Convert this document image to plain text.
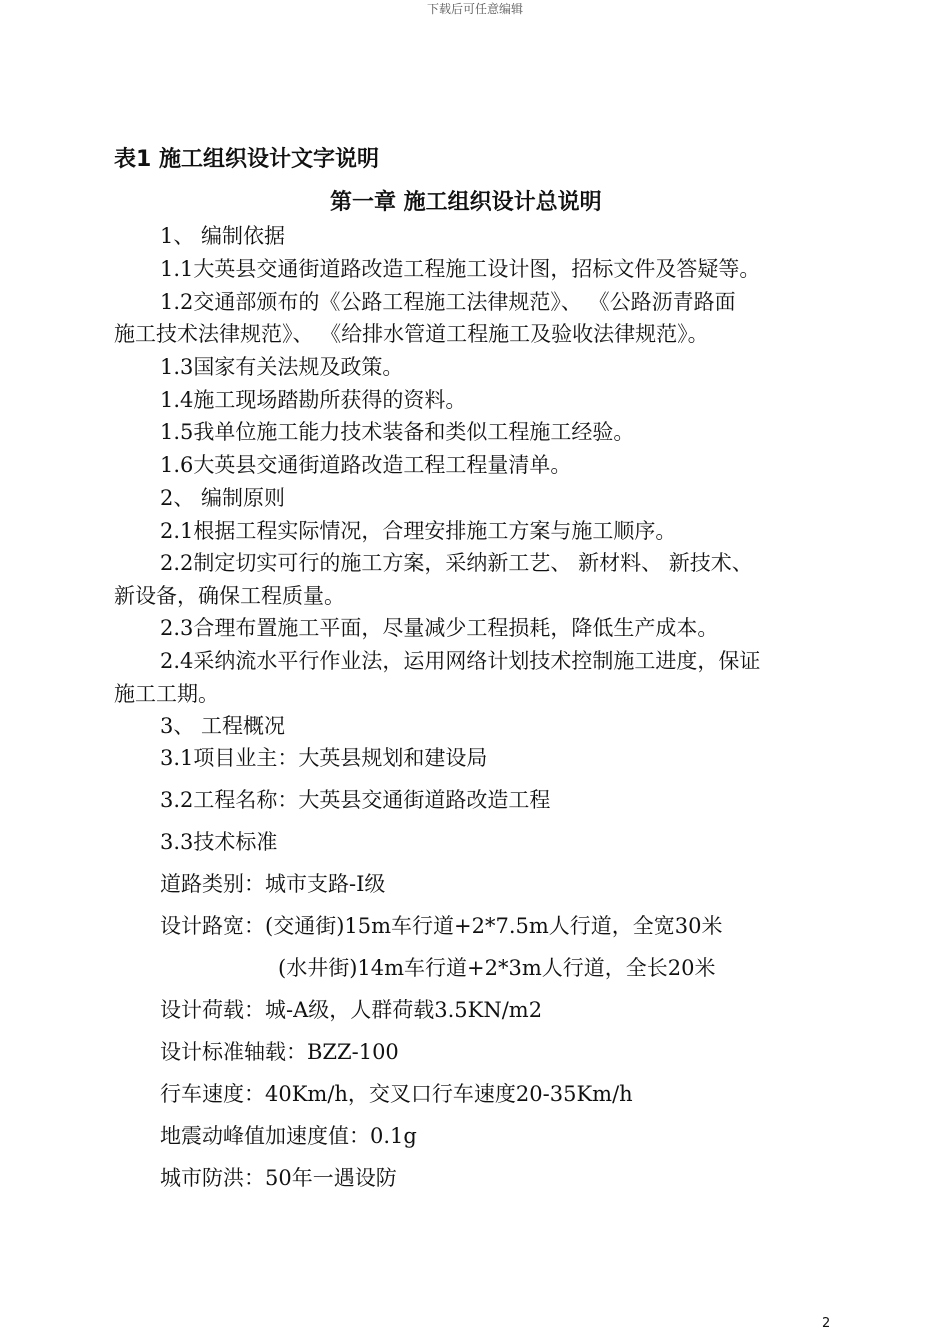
下载后可任意编辑
表1 施工组织设计文字说明
第一章 施工组织设计总说明
1、 编制依据
1.1大英县交通街道路改造工程施工设计图，招标文件及答疑等。
1.2交通部颁布的《公路工程施工法律规范》、 《公路沥青路面
施工技术法律规范》、 《给排水管道工程施工及验收法律规范》。
1.3国家有关法规及政策。
1.4施工现场踏勘所获得的资料。
1.5我单位施工能力技术装备和类似工程施工经验。
1.6大英县交通街道路改造工程工程量清单。
2、 编制原则
2.1根据工程实际情况，合理安排施工方案与施工顺序。
2.2制定切实可行的施工方案，采纳新工艺、 新材料、 新技术、
新设备，确保工程质量。
2.3合理布置施工平面，尽量减少工程损耗，降低生产成本。
2.4采纳流水平行作业法，运用网络计划技术控制施工进度，保证
施工工期。
3、 工程概况
3.1项目业主：大英县规划和建设局
3.2工程名称：大英县交通街道路改造工程
3.3技术标准
道路类别：城市支路-I级
设计路宽：(交通街)15m车行道+2*7.5m人行道，全宽30米
(水井街)14m车行道+2*3m人行道，全长20米
设计荷载：城-A级，人群荷载3.5KN/m2
设计标准轴载：BZZ-100
行车速度：40Km/h，交叉口行车速度20-35Km/h
地震动峰值加速度值：0.1g
城市防洪：50年一遇设防
2
